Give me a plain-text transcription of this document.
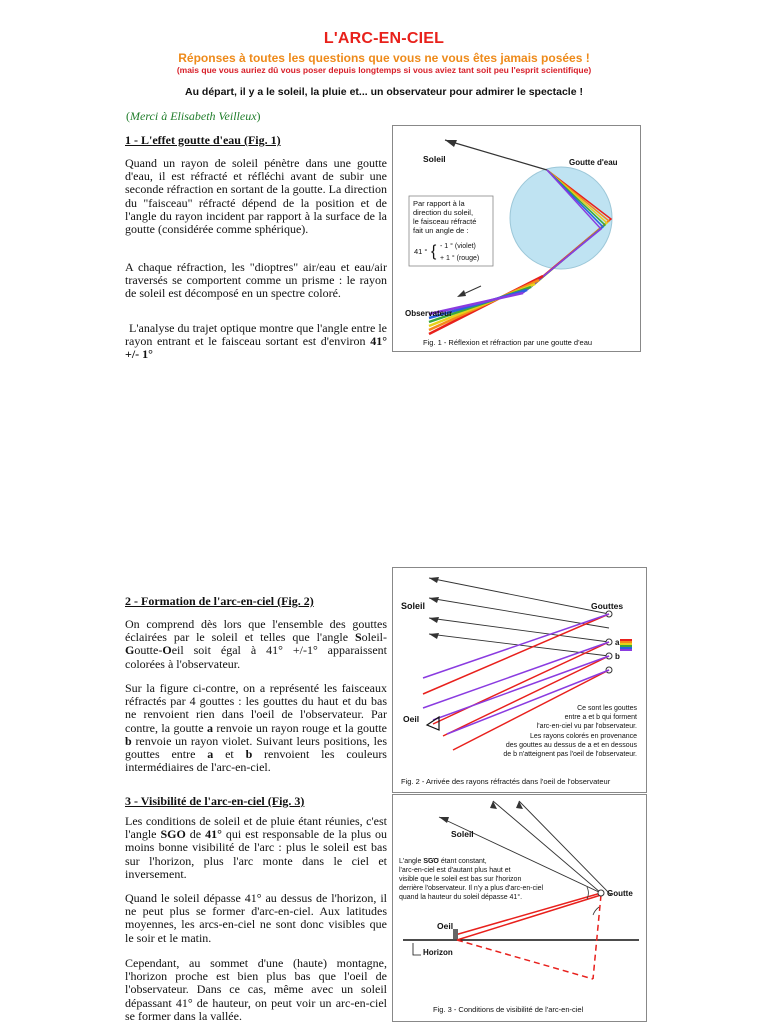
L'ARC-EN-CIEL
Réponses à toutes les questions que vous ne vous êtes jamais posées !
(mais que vous auriez dû vous poser depuis longtemps si vous aviez tant soit peu l'esprit scientifique)
Au départ, il y a le soleil, la pluie et... un observateur pour admirer le spectacle !
(Merci à Elisabeth Veilleux)
1 - L'effet goutte d'eau (Fig. 1)

Quand un rayon de soleil pénètre dans une goutte d'eau, il est réfracté et réfléchi avant de subir une seconde réfraction en sortant de la goutte. La direction du "faisceau" réfracté dépend de la position et de l'angle du rayon incident par rapport à la surface de la goutte (considérée comme sphérique).

A chaque réfraction, les "dioptres" air/eau et eau/air traversés se comportent comme un prisme : le rayon de soleil est décomposé en un spectre coloré.

L'analyse du trajet optique montre que l'angle entre le rayon entrant et le faisceau sortant est d'environ 41° +/- 1°

Par rapport à la
direction du soleil,
le faisceau réfracté
fait un angle de :
41 ° { - 1 ° (violet)
+ 1 ° (rouge)
Soleil	Goutte d'eau
Observateur
Fig. 1 - Réflexion et réfraction par une goutte d'eau
2 - Formation de l'arc-en-ciel (Fig. 2)

On comprend dès lors que l'ensemble des gouttes éclairées par le soleil et telles que l'angle Soleil-Goutte-Oeil soit égal à 41° +/-1° apparaissent colorées à l'observateur.

Sur la figure ci-contre, on a représenté les faisceaux réfractés par 4 gouttes : les gouttes du haut et du bas ne renvoient rien dans l'oeil de l'observateur. Par contre, la goutte a renvoie un rayon rouge et la goutte b renvoie un rayon violet. Suivant leurs positions, les gouttes entre a et b renvoient les couleurs intermédiaires de l'arc-en-ciel.

Soleil	Gouttes
a
b
Oeil
Ce sont les gouttes
entre a et b qui forment
l'arc-en-ciel vu par l'observateur.
Les rayons colorés en provenance
des gouttes au dessus de a et en dessous
de b n'atteignent pas l'oeil de l'observateur.
Fig. 2 - Arrivée des rayons réfractés dans l'oeil de l'observateur
3 - Visibilité de l'arc-en-ciel (Fig. 3)

Les conditions de soleil et de pluie étant réunies, c'est l'angle SGO de 41° qui est responsable de la plus ou moins bonne visibilité de l'arc : plus le soleil est bas sur l'horizon, plus l'arc monte dans le ciel et inversement.

Quand le soleil dépasse 41° au dessus de l'horizon, il ne peut plus se former d'arc-en-ciel. Aux latitudes moyennes, les arcs-en-ciel ne sont donc visibles que le soir et le matin.

Cependant, au sommet d'une (haute) montagne, l'horizon proche est bien plus bas que l'oeil de l'observateur. Dans ce cas, même avec un soleil dépassant 41° de hauteur, on peut voir un arc-en-ciel se former dans la vallée.

Soleil
Goutte
Oeil
Horizon
L'angle SGO étant constant,
l'arc-en-ciel est d'autant plus haut et
visible que le soleil est bas sur l'horizon
derrière l'observateur. Il n'y a plus d'arc-en-ciel
quand la hauteur du soleil dépasse 41°.
Fig. 3 - Conditions de visibilité de l'arc-en-ciel
